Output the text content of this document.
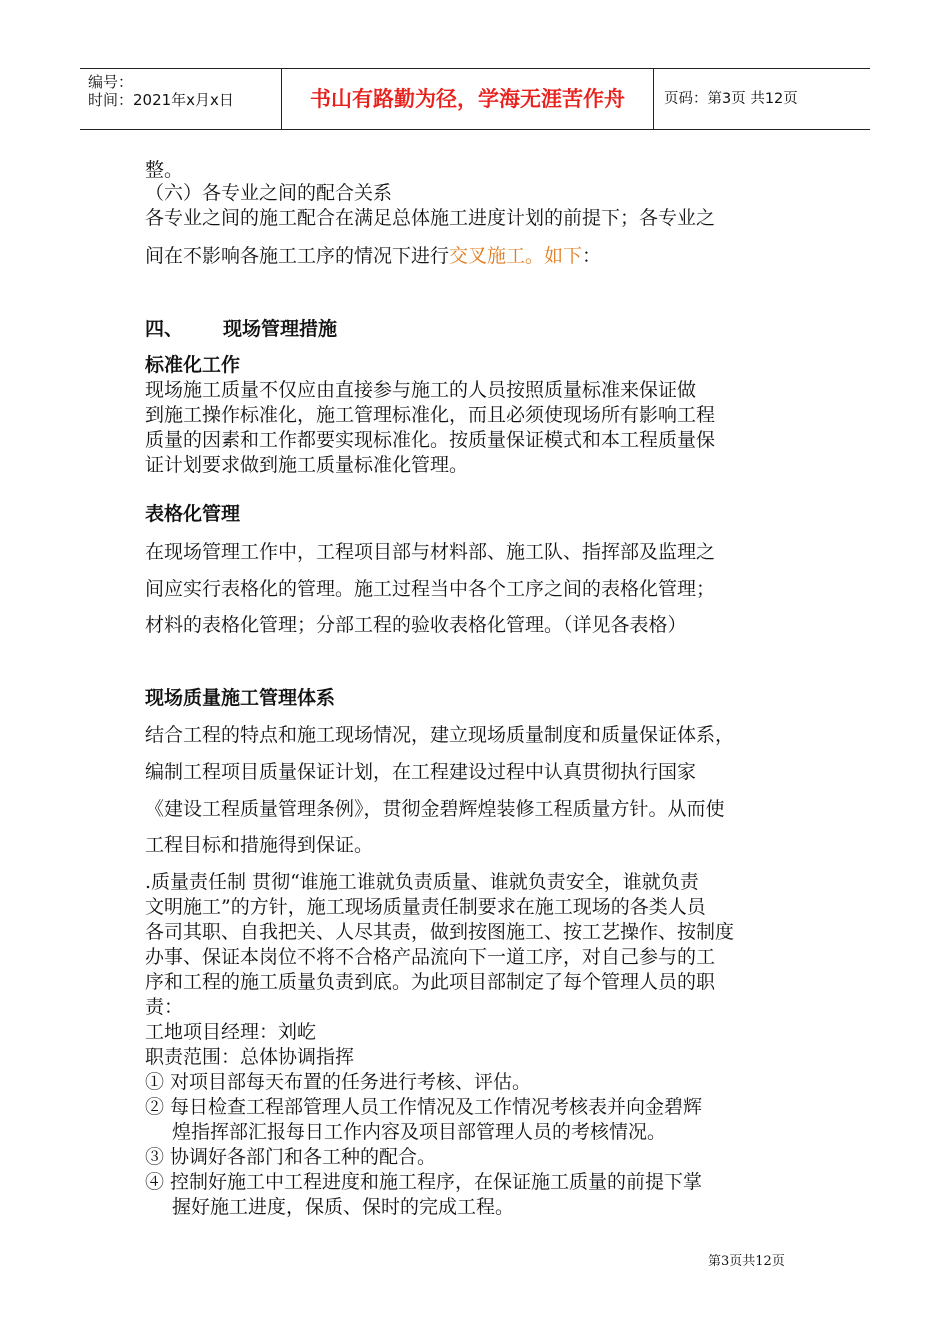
编号：
时间：2021年x月x日	书山有路勤为径，学海无涯苦作舟	页码：第3页 共12页
整。
（六）各专业之间的配合关系
各专业之间的施工配合在满足总体施工进度计划的前提下；各专业之
间在不影响各施工工序的情况下进行交叉施工。如下：
四、 现场管理措施
标准化工作
现场施工质量不仅应由直接参与施工的人员按照质量标准来保证做
到施工操作标准化，施工管理标准化，而且必须使现场所有影响工程
质量的因素和工作都要实现标准化。按质量保证模式和本工程质量保
证计划要求做到施工质量标准化管理。
表格化管理
在现场管理工作中，工程项目部与材料部、施工队、指挥部及监理之
间应实行表格化的管理。施工过程当中各个工序之间的表格化管理；
材料的表格化管理；分部工程的验收表格化管理。（详见各表格）
现场质量施工管理体系
结合工程的特点和施工现场情况，建立现场质量制度和质量保证体系，
编制工程项目质量保证计划，在工程建设过程中认真贯彻执行国家
《建设工程质量管理条例》，贯彻金碧辉煌装修工程质量方针。从而使
工程目标和措施得到保证。
.质量责任制 贯彻“谁施工谁就负责质量、谁就负责安全，谁就负责
文明施工”的方针，施工现场质量责任制要求在施工现场的各类人员
各司其职、自我把关、人尽其责，做到按图施工、按工艺操作、按制度
办事、保证本岗位不将不合格产品流向下一道工序，对自己参与的工
序和工程的施工质量负责到底。为此项目部制定了每个管理人员的职
责：
工地项目经理：刘屹
职责范围：总体协调指挥
① 对项目部每天布置的任务进行考核、评估。
② 每日检查工程部管理人员工作情况及工作情况考核表并向金碧辉
煌指挥部汇报每日工作内容及项目部管理人员的考核情况。
③ 协调好各部门和各工种的配合。
④ 控制好施工中工程进度和施工程序，在保证施工质量的前提下掌
握好施工进度，保质、保时的完成工程。
第3页共12页
